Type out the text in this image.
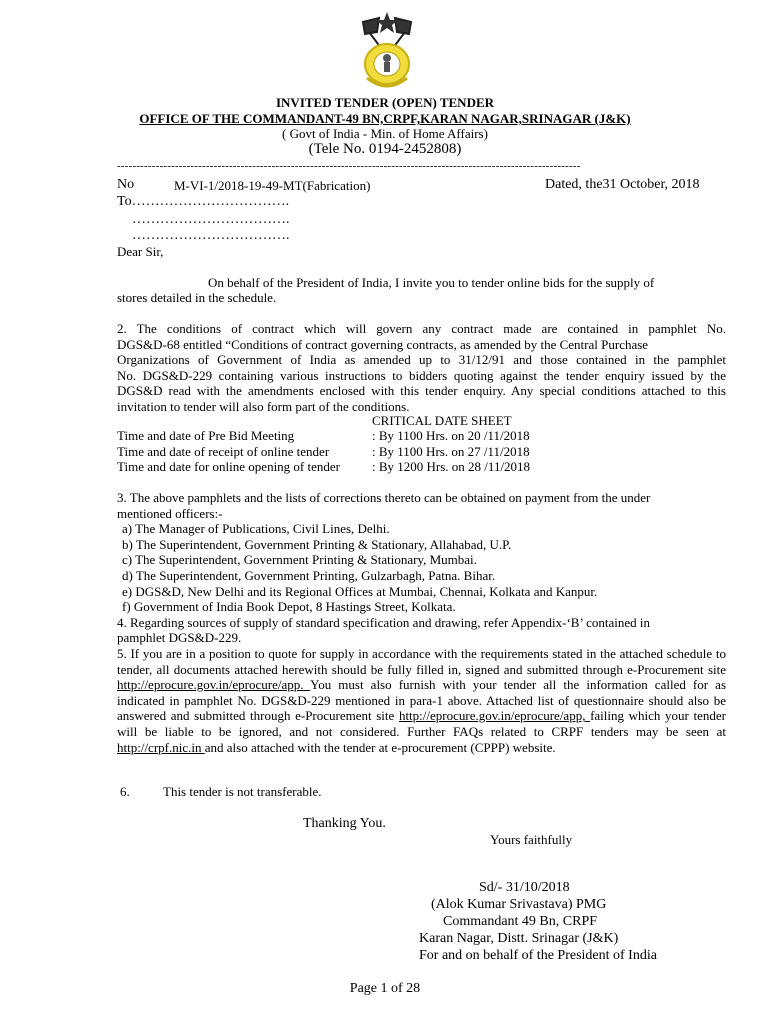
INVITED TENDER (OPEN) TENDER
OFFICE OF THE COMMANDANT-49 BN,CRPF,KARAN NAGAR,SRINAGAR (J&K)
( Govt of India - Min. of Home Affairs)
(Tele No. 0194-2452808)
------------------------------------------------------------------------------------------------------------------------
No	M-VI-1/2018-19-49-MT(Fabrication)	Dated, the31 October, 2018
To…………………………….
…………………………….
…………………………….
Dear Sir,
On behalf of the President of India, I invite you to tender online bids for the supply of
stores detailed in the schedule.
2. The conditions of contract which will govern any contract made are contained in pamphlet No.
DGS&D-68 entitled “Conditions of contract governing contracts, as amended by the Central Purchase
Organizations of Government of India as amended up to 31/12/91 and those contained in the pamphlet
No. DGS&D-229 containing various instructions to bidders quoting against the tender enquiry issued by the DGS&D read with the amendments enclosed with this tender enquiry. Any special conditions attached to this invitation to tender will also form part of the conditions.
CRITICAL DATE SHEET
Time and date of Pre Bid Meeting	: By 1100 Hrs. on 20 /11/2018
Time and date of receipt of online tender	: By 1100 Hrs. on 27 /11/2018
Time and date for online opening of tender : By 1200 Hrs. on 28 /11/2018
3. The above pamphlets and the lists of corrections thereto can be obtained on payment from the under
mentioned officers:-
a) The Manager of Publications, Civil Lines, Delhi.
b) The Superintendent, Government Printing & Stationary, Allahabad, U.P.
c) The Superintendent, Government Printing & Stationary, Mumbai.
d) The Superintendent, Government Printing, Gulzarbagh, Patna. Bihar.
e) DGS&D, New Delhi and its Regional Offices at Mumbai, Chennai, Kolkata and Kanpur.
f) Government of India Book Depot, 8 Hastings Street, Kolkata.
4. Regarding sources of supply of standard specification and drawing, refer Appendix-‘B’ contained in
pamphlet DGS&D-229.
5. If you are in a position to quote for supply in accordance with the requirements stated in the attached schedule to tender, all documents attached herewith should be fully filled in, signed and submitted through e-Procurement site http://eprocure.gov.in/eprocure/app. You must also furnish with your tender all the information called for as indicated in pamphlet No. DGS&D-229 mentioned in para-1 above. Attached list of questionnaire should also be answered and submitted through e-Procurement site http://eprocure.gov.in/eprocure/app, failing which your tender will be liable to be ignored, and not considered. Further FAQs related to CRPF tenders may be seen at http://crpf.nic.in and also attached with the tender at e-procurement (CPPP) website.
6.	This tender is not transferable.
Thanking You.
Yours faithfully
Sd/- 31/10/2018
(Alok Kumar Srivastava) PMG
Commandant 49 Bn, CRPF
Karan Nagar, Distt. Srinagar (J&K)
For and on behalf of the President of India
Page 1 of 28
